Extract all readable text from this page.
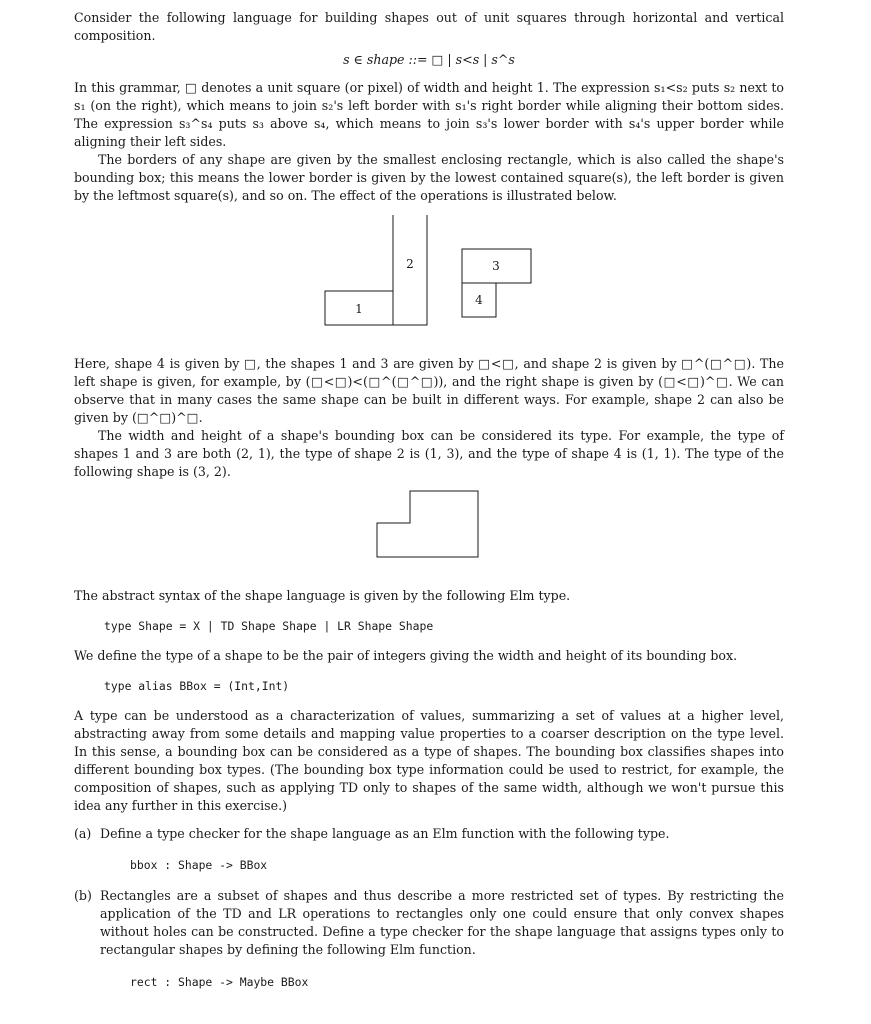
Consider the following language for building shapes out of unit squares through horizontal and vertical composition.

s ∈ shape ::= □ | s<s | s^s

In this grammar, □ denotes a unit square (or pixel) of width and height 1. The expression s₁<s₂ puts s₂ next to s₁ (on the right), which means to join s₂'s left border with s₁'s right border while aligning their bottom sides. The expression s₃^s₄ puts s₃ above s₄, which means to join s₃'s lower border with s₄'s upper border while aligning their left sides.

The borders of any shape are given by the smallest enclosing rectangle, which is also called the shape's bounding box; this means the lower border is given by the lowest contained square(s), the left border is given by the leftmost square(s), and so on. The effect of the operations is illustrated below.

1
2	3
4

Here, shape 4 is given by □, the shapes 1 and 3 are given by □<□, and shape 2 is given by □^(□^□). The left shape is given, for example, by (□<□)<(□^(□^□)), and the right shape is given by (□<□)^□. We can observe that in many cases the same shape can be built in different ways. For example, shape 2 can also be given by (□^□)^□.

The width and height of a shape's bounding box can be considered its type. For example, the type of shapes 1 and 3 are both (2, 1), the type of shape 2 is (1, 3), and the type of shape 4 is (1, 1). The type of the following shape is (3, 2).

The abstract syntax of the shape language is given by the following Elm type.

type Shape = X | TD Shape Shape | LR Shape Shape

We define the type of a shape to be the pair of integers giving the width and height of its bounding box.

type alias BBox = (Int,Int)

A type can be understood as a characterization of values, summarizing a set of values at a higher level, abstracting away from some details and mapping value properties to a coarser description on the type level. In this sense, a bounding box can be considered as a type of shapes. The bounding box classifies shapes into different bounding box types. (The bounding box type information could be used to restrict, for example, the composition of shapes, such as applying TD only to shapes of the same width, although we won't pursue this idea any further in this exercise.)

(a) Define a type checker for the shape language as an Elm function with the following type.

bbox : Shape -> BBox

(b) Rectangles are a subset of shapes and thus describe a more restricted set of types. By restricting the application of the TD and LR operations to rectangles only one could ensure that only convex shapes without holes can be constructed. Define a type checker for the shape language that assigns types only to rectangular shapes by defining the following Elm function.

rect : Shape -> Maybe BBox
